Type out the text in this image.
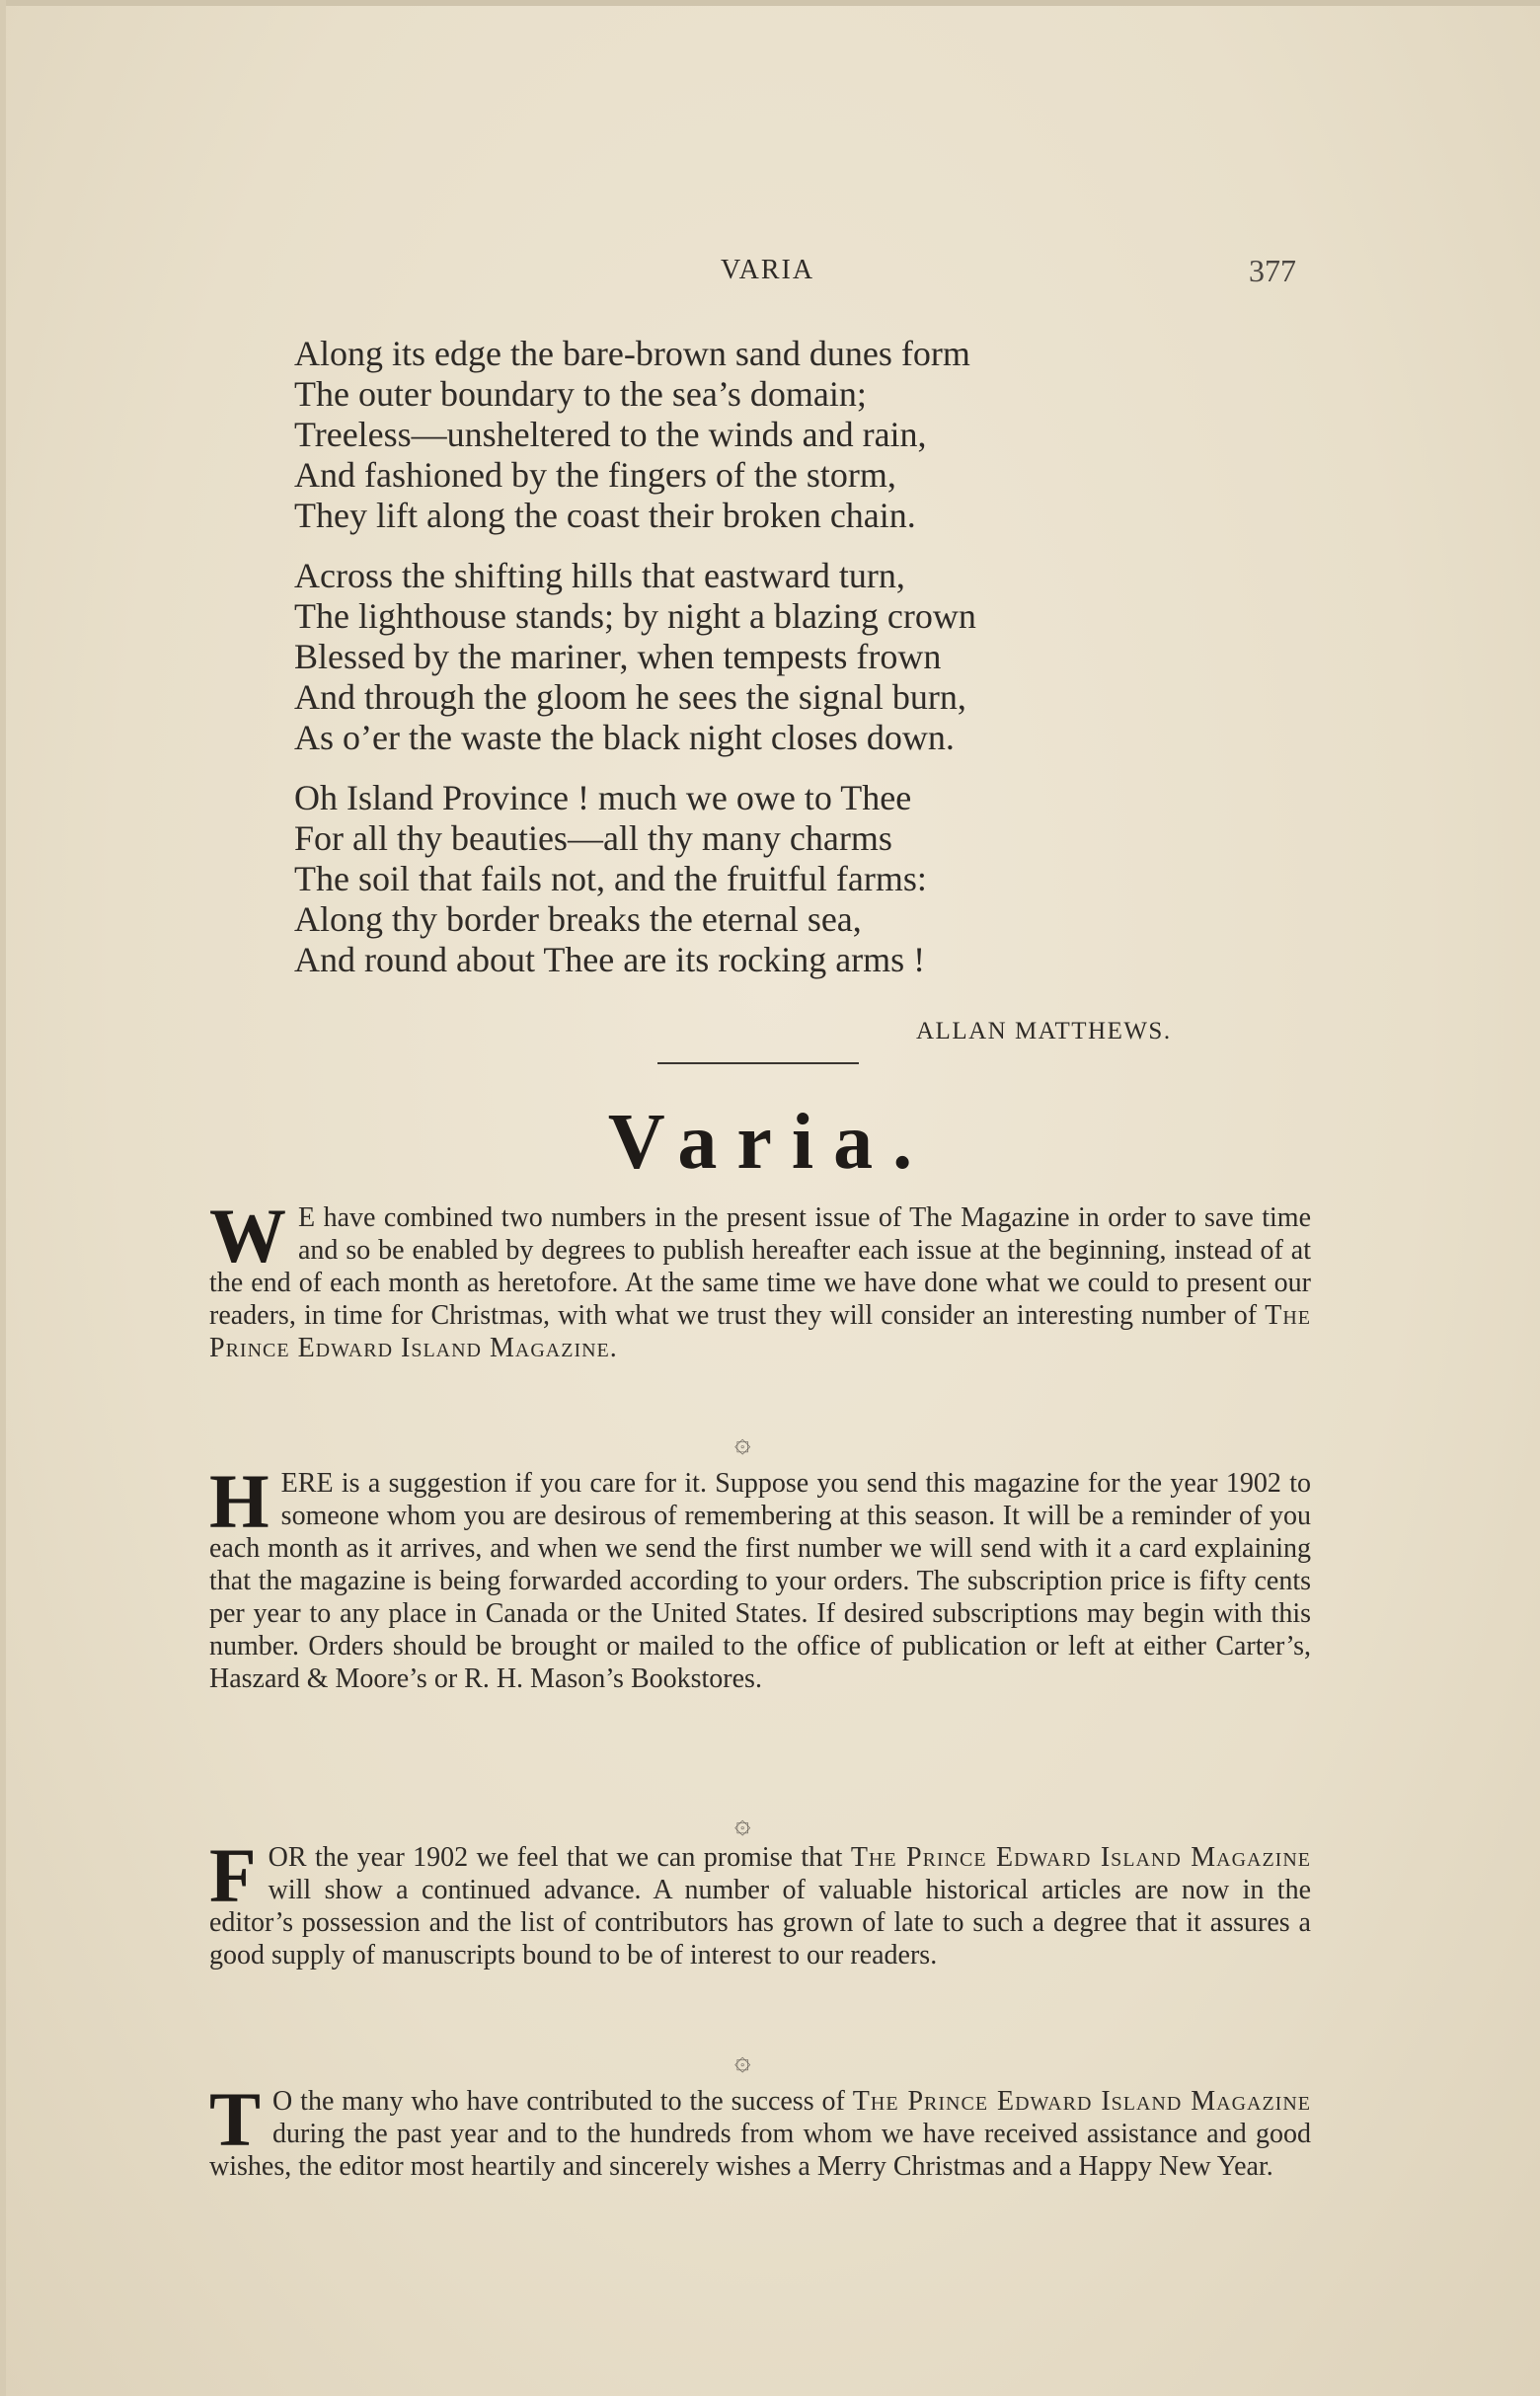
VARIA	377
Along its edge the bare-brown sand dunes form
The outer boundary to the sea’s domain;
Treeless—unsheltered to the winds and rain,
And fashioned by the fingers of the storm,
They lift along the coast their broken chain.
Across the shifting hills that eastward turn,
The lighthouse stands; by night a blazing crown
Blessed by the mariner, when tempests frown
And through the gloom he sees the signal burn,
As o’er the waste the black night closes down.
Oh Island Province ! much we owe to Thee
For all thy beauties—all thy many charms
The soil that fails not, and the fruitful farms:
Along thy border breaks the eternal sea,
And round about Thee are its rocking arms !
ALLAN MATTHEWS.
Varia.
W E have combined two numbers in the present issue of The Magazine in order to save time and so be enabled by degrees to publish hereafter each issue at the beginning, instead of at the end of each month as heretofore. At the same time we have done what we could to present our readers, in time for Christmas, with what we trust they will consider an interesting number of The Prince Edward Island Magazine.
۞
H ERE is a suggestion if you care for it. Suppose you send this magazine for the year 1902 to someone whom you are desirous of remembering at this season. It will be a reminder of you each month as it arrives, and when we send the first number we will send with it a card explaining that the magazine is being forwarded according to your orders. The subscription price is fifty cents per year to any place in Canada or the United States. If desired subscriptions may begin with this number. Orders should be brought or mailed to the office of publication or left at either Carter’s, Haszard & Moore’s or R. H. Mason’s Bookstores.
۞
F OR the year 1902 we feel that we can promise that The Prince Edward Island Magazine will show a continued advance. A number of valuable historical articles are now in the editor’s possession and the list of contributors has grown of late to such a degree that it assures a good supply of manuscripts bound to be of interest to our readers.
۞
T O the many who have contributed to the success of The Prince Edward Island Magazine during the past year and to the hundreds from whom we have received assistance and good wishes, the editor most heartily and sincerely wishes a Merry Christmas and a Happy New Year.
